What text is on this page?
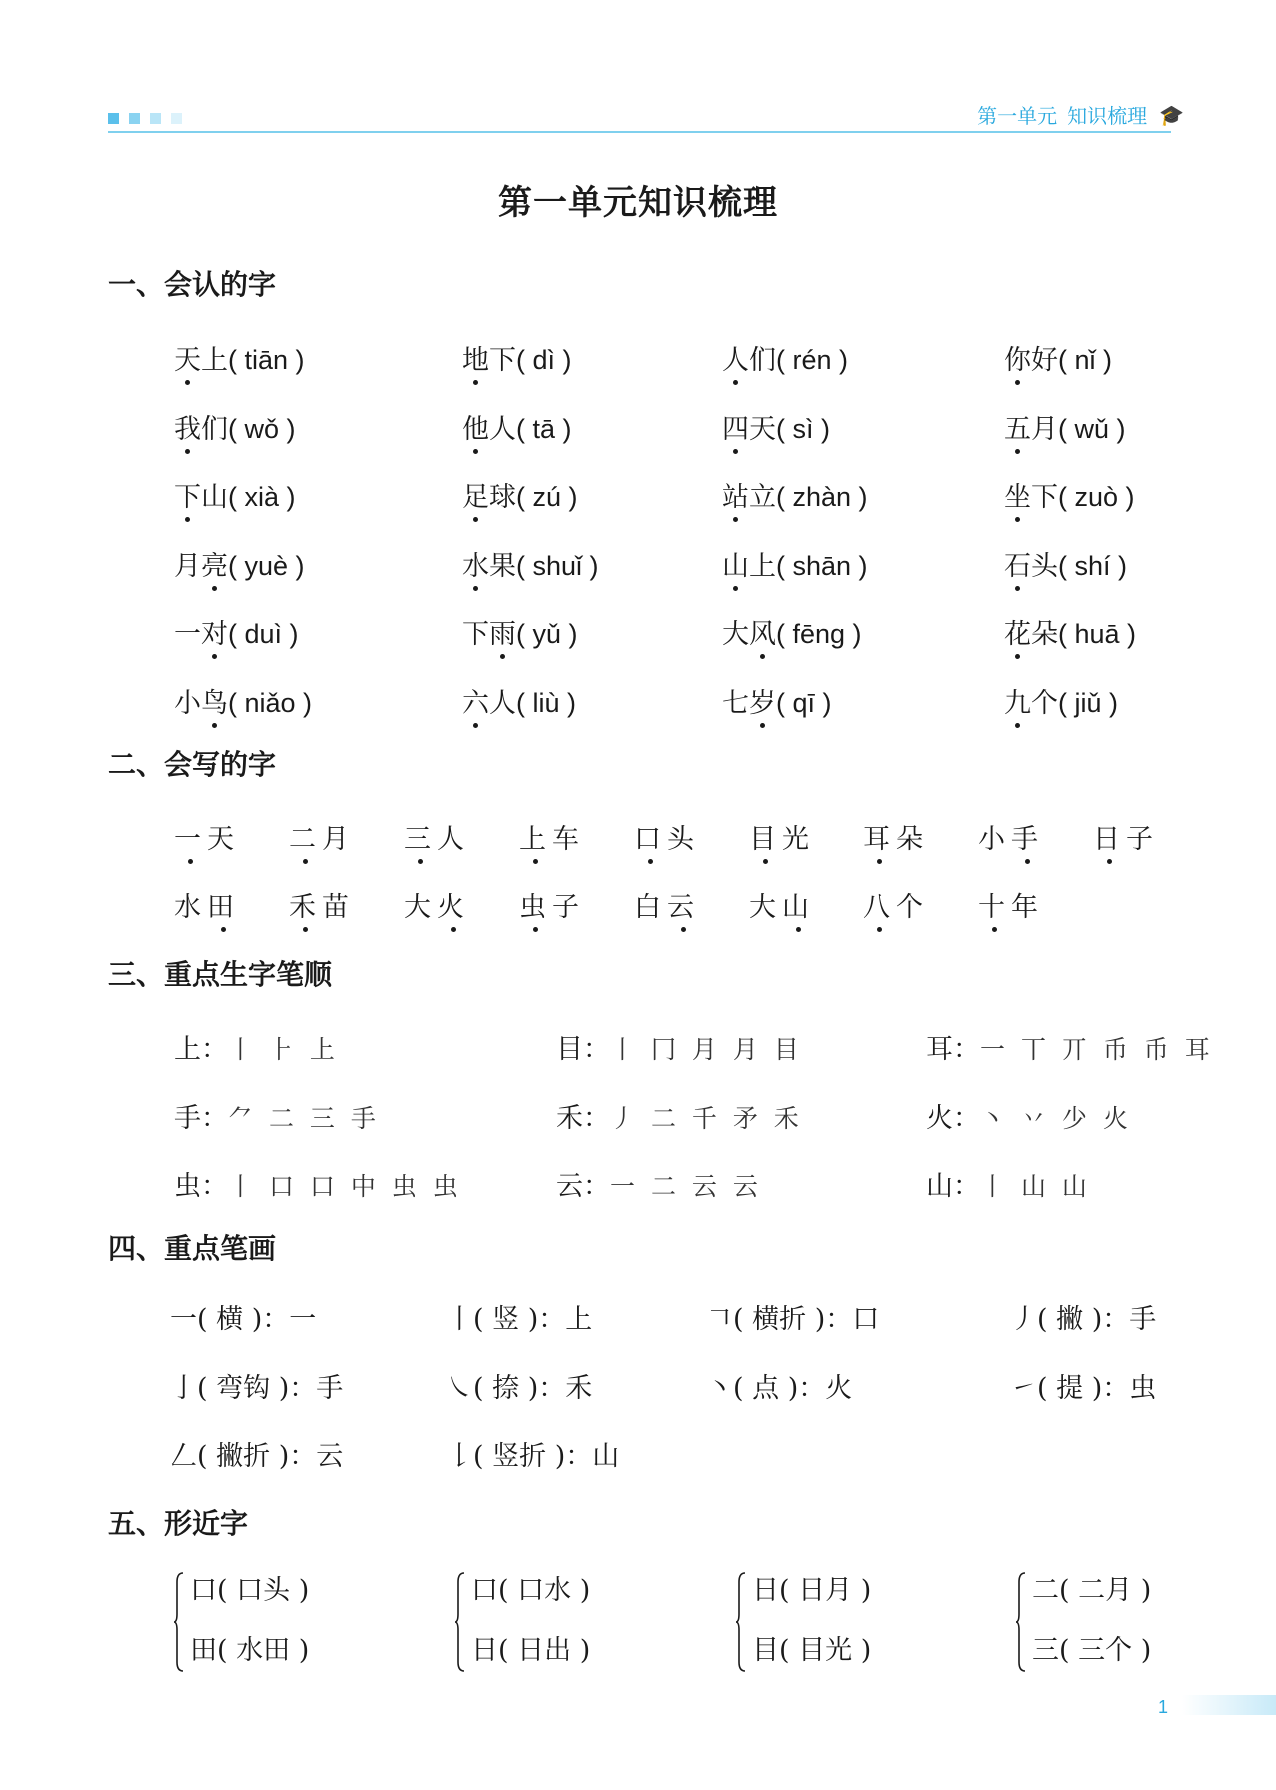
第一单元 知识梳理 🎓
第一单元知识梳理
一、会认的字
天上( tiān )	地下( dì )	人们( rén )	你好( nǐ )
我们( wǒ )	他人( tā )	四天( sì )	五月( wǔ )
下山( xià )	足球( zú )	站立( zhàn )	坐下( zuò )
月亮( yuè )	水果( shuǐ )	山上( shān )	石头( shí )
一对( duì )	下雨( yǔ )	大风( fēng )	花朵( huā )
小鸟( niǎo )	六人( liù )	七岁( qī )	九个( jiǔ )
二、会写的字
一天 二月 三人 上车 口头 目光 耳朵 小手 日子
水田 禾苗 大火 虫子 白云 大山 八个 十年
三、重点生字笔顺
上：丨 ⺊ 上	目：丨 冂 月 月 目	耳：一 丅 丌 币 币 耳
手：⺈ 二 三 手	禾：丿 二 千 矛 禾	火：丶 丷 少 火
虫：丨 口 口 中 虫 虫	云：一 二 云 云	山：丨 山 山
四、重点笔画
一( 横 )：一	丨( 竖 )：上	𠃍( 横折 )：口	丿( 撇 )：手
亅( 弯钩 )：手	㇏( 捺 )：禾	丶( 点 )：火	㇀( 提 )：虫
𠃋( 撇折 )：云	𠄌( 竖折 )：山
五、形近字
口( 口头 )
田( 水田 )
口( 口水 )
日( 日出 )
日( 日月 )
目( 目光 )
二( 二月 )
三( 三个 )
1
